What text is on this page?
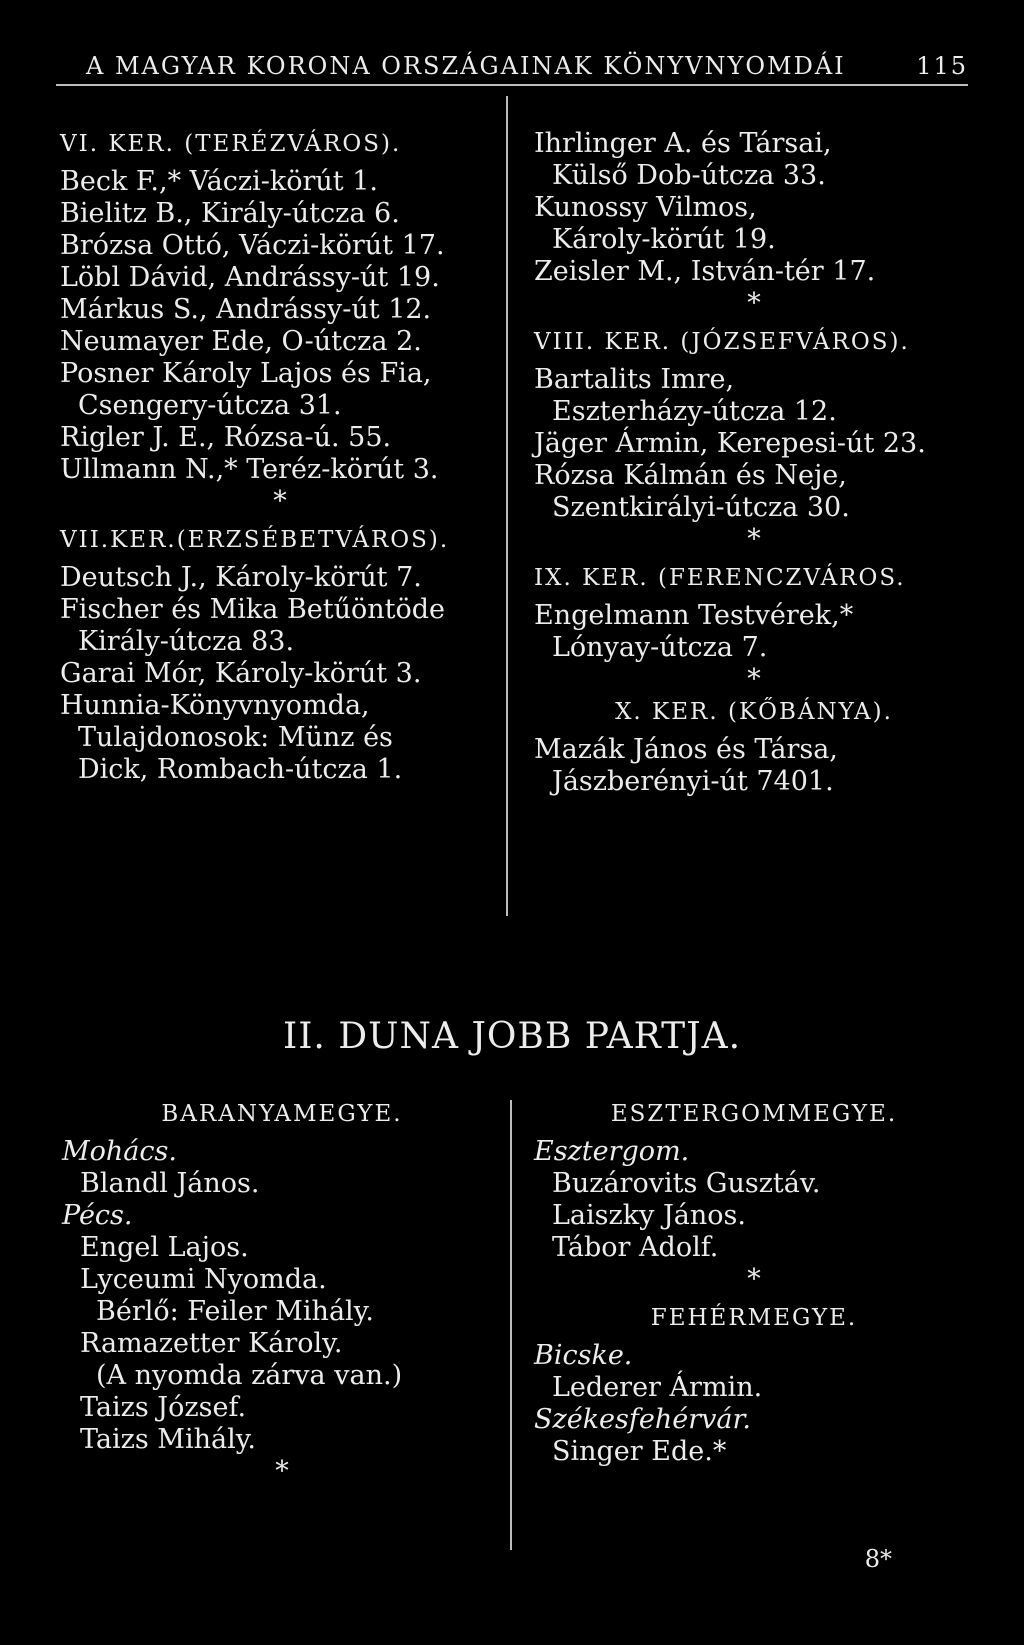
A MAGYAR KORONA ORSZÁGAINAK KÖNYVNYOMDÁI	115
VI. KER. (TERÉZVÁROS).
Beck F.,* Váczi-körút 1.
Bielitz B., Király-útcza 6.
Brózsa Ottó, Váczi-körút 17.
Löbl Dávid, Andrássy-út 19.
Márkus S., Andrássy-út 12.
Neumayer Ede, O-útcza 2.
Posner Károly Lajos és Fia,
Csengery-útcza 31.
Rigler J. E., Rózsa-ú. 55.
Ullmann N.,* Teréz-körút 3.
*
VII.KER.(ERZSÉBETVÁROS).
Deutsch J., Károly-körút 7.
Fischer és Mika Betűöntöde
Király-útcza 83.
Garai Mór, Károly-körút 3.
Hunnia-Könyvnyomda,
Tulajdonosok: Münz és
Dick, Rombach-útcza 1.
Ihrlinger A. és Társai,
Külső Dob-útcza 33.
Kunossy Vilmos,
Károly-körút 19.
Zeisler M., István-tér 17.
*
VIII. KER. (JÓZSEFVÁROS).
Bartalits Imre,
Eszterházy-útcza 12.
Jäger Ármin, Kerepesi-út 23.
Rózsa Kálmán és Neje,
Szentkirályi-útcza 30.
*
IX. KER. (FERENCZVÁROS.
Engelmann Testvérek,*
Lónyay-útcza 7.
*
X. KER. (KŐBÁNYA).
Mazák János és Társa,
Jászberényi-út 7401.
II. DUNA JOBB PARTJA.
BARANYAMEGYE.
Mohács.
Blandl János.
Pécs.
Engel Lajos.
Lyceumi Nyomda.
Bérlő: Feiler Mihály.
Ramazetter Károly.
(A nyomda zárva van.)
Taizs József.
Taizs Mihály.
*
ESZTERGOMMEGYE.
Esztergom.
Buzárovits Gusztáv.
Laiszky János.
Tábor Adolf.
*
FEHÉRMEGYE.
Bicske.
Lederer Ármin.
Székesfehérvár.
Singer Ede.*
8*
